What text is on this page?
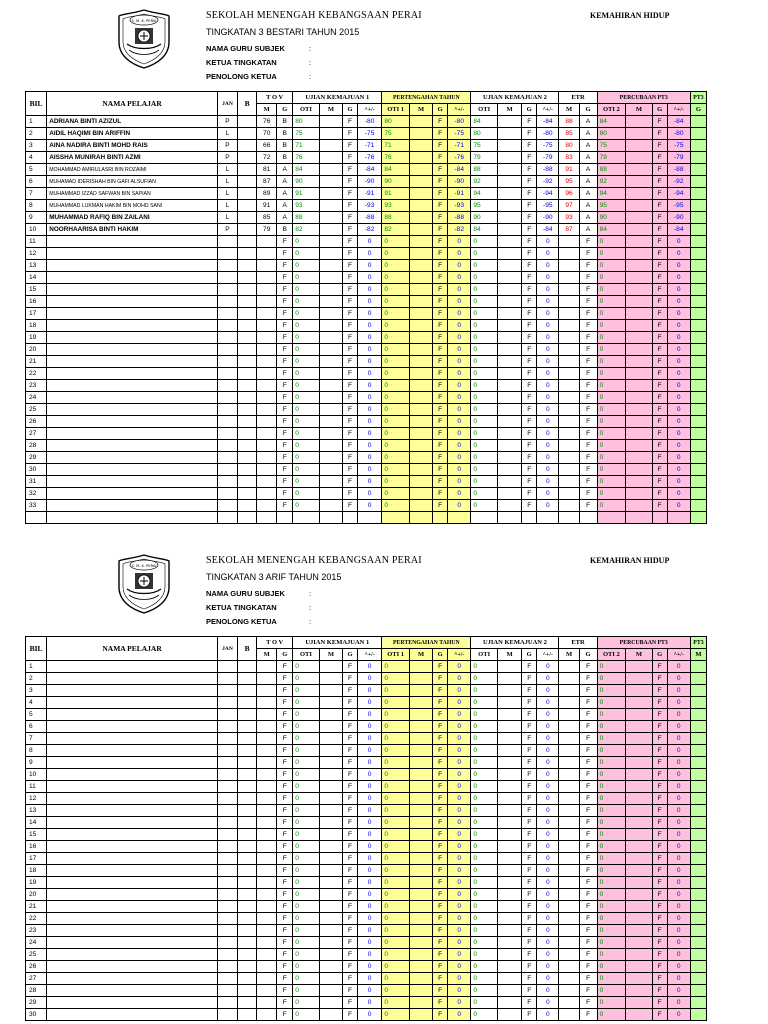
S. M. K. PERAI	SEKOLAH MENENGAH KEBANGSAAN PERAI	KEMAHIRAN HIDUP
TINGKATAN 3 BESTARI TAHUN 2015
NAMA GURU SUBJEK	:
KETUA TINGKATAN	:
PENOLONG KETUA	:
BIL	NAMA PELAJAR	JAN	B	T O V		UJIAN KEMAJUAN 1				PERTENGAHAN TAHUN				UJIAN KEMAJUAN 2				ETR		PERCUBAAN PT3				PT3
				M	G	OTI	M	G	^+/-	OTI 1	M	G	^+/-	OTI	M	G	^+/-	M	G	OTI 2	M	G	^+/-	G
1	ADRIANA BINTI AZIZUL	P		76	B	80		F	-80	80		F	-80	84		F	-84	88	A	84		F	-84	
2	AIDIL HAQIMI BIN ARIFFIN	L		70	B	75		F	-75	75		F	-75	80		F	-80	85	A	80		F	-80	
3	AINA NADIRA BINTI MOHD RAIS	P		66	B	71		F	-71	71		F	-71	75		F	-75	80	A	75		F	-75	
4	AISSHA MUNIRAH BINTI AZMI	P		72	B	76		F	-76	76		F	-76	79		F	-79	83	A	79		F	-79	
5	MOHAMMAD AMIRULASRI BIN ROZAIMI	L		81	A	84		F	-84	84		F	-84	88		F	-88	91	A	88		F	-88	
6	MUHAMAD IDERISHAH BIN GAFI ALSUFIAN	L		87	A	90		F	-90	90		F	-90	92		F	-92	95	A	92		F	-92	
7	MUHAMMAD IZZAD SAFWAN BIN SAPIAN	L		89	A	91		F	-91	91		F	-91	94		F	-94	96	A	94		F	-94	
8	MUHAMMAD LUKMAN HAKIM BIN MOHD SANI	L		91	A	93		F	-93	93		F	-93	95		F	-95	97	A	95		F	-95	
9	MUHAMMAD RAFIQ BIN ZAILANI	L		85	A	88		F	-88	88		F	-88	90		F	-90	93	A	90		F	-90	
10	NOORHAARISA BINTI HAKIM	P		79	B	82		F	-82	82		F	-82	84		F	-84	87	A	84		F	-84	
11					F	0		F	0	0		F	0	0		F	0		F	0		F	0	
12					F	0		F	0	0		F	0	0		F	0		F	0		F	0	
13					F	0		F	0	0		F	0	0		F	0		F	0		F	0	
14					F	0		F	0	0		F	0	0		F	0		F	0		F	0	
15					F	0		F	0	0		F	0	0		F	0		F	0		F	0	
16					F	0		F	0	0		F	0	0		F	0		F	0		F	0	
17					F	0		F	0	0		F	0	0		F	0		F	0		F	0	
18					F	0		F	0	0		F	0	0		F	0		F	0		F	0	
19					F	0		F	0	0		F	0	0		F	0		F	0		F	0	
20					F	0		F	0	0		F	0	0		F	0		F	0		F	0	
21					F	0		F	0	0		F	0	0		F	0		F	0		F	0	
22					F	0		F	0	0		F	0	0		F	0		F	0		F	0	
23					F	0		F	0	0		F	0	0		F	0		F	0		F	0	
24					F	0		F	0	0		F	0	0		F	0		F	0		F	0	
25					F	0		F	0	0		F	0	0		F	0		F	0		F	0	
26					F	0		F	0	0		F	0	0		F	0		F	0		F	0	
27					F	0		F	0	0		F	0	0		F	0		F	0		F	0	
28					F	0		F	0	0		F	0	0		F	0		F	0		F	0	
29					F	0		F	0	0		F	0	0		F	0		F	0		F	0	
30					F	0		F	0	0		F	0	0		F	0		F	0		F	0	
31					F	0		F	0	0		F	0	0		F	0		F	0		F	0	
32					F	0		F	0	0		F	0	0		F	0		F	0		F	0	
33					F	0		F	0	0		F	0	0		F	0		F	0		F	0	

S. M. K. PERAI	SEKOLAH MENENGAH KEBANGSAAN PERAI	KEMAHIRAN HIDUP
TINGKATAN 3 ARIF TAHUN 2015
NAMA GURU SUBJEK	:
KETUA TINGKATAN	:
PENOLONG KETUA	:
BIL	NAMA PELAJAR	JAN	B	T O V		UJIAN KEMAJUAN 1				PERTENGAHAN TAHUN				UJIAN KEMAJUAN 2				ETR		PERCUBAAN PT3				PT3
				M	G	OTI	M	G	^+/-	OTI 1	M	G	^+/-	OTI	M	G	^+/-	M	G	OTI 2	M	G	^+/-	M
1					F	0		F	0	0		F	0	0		F	0		F	0		F	0	
2					F	0		F	0	0		F	0	0		F	0		F	0		F	0	
3					F	0		F	0	0		F	0	0		F	0		F	0		F	0	
4					F	0		F	0	0		F	0	0		F	0		F	0		F	0	
5					F	0		F	0	0		F	0	0		F	0		F	0		F	0	
6					F	0		F	0	0		F	0	0		F	0		F	0		F	0	
7					F	0		F	0	0		F	0	0		F	0		F	0		F	0	
8					F	0		F	0	0		F	0	0		F	0		F	0		F	0	
9					F	0		F	0	0		F	0	0		F	0		F	0		F	0	
10					F	0		F	0	0		F	0	0		F	0		F	0		F	0	
11					F	0		F	0	0		F	0	0		F	0		F	0		F	0	
12					F	0		F	0	0		F	0	0		F	0		F	0		F	0	
13					F	0		F	0	0		F	0	0		F	0		F	0		F	0	
14					F	0		F	0	0		F	0	0		F	0		F	0		F	0	
15					F	0		F	0	0		F	0	0		F	0		F	0		F	0	
16					F	0		F	0	0		F	0	0		F	0		F	0		F	0	
17					F	0		F	0	0		F	0	0		F	0		F	0		F	0	
18					F	0		F	0	0		F	0	0		F	0		F	0		F	0	
19					F	0		F	0	0		F	0	0		F	0		F	0		F	0	
20					F	0		F	0	0		F	0	0		F	0		F	0		F	0	
21					F	0		F	0	0		F	0	0		F	0		F	0		F	0	
22					F	0		F	0	0		F	0	0		F	0		F	0		F	0	
23					F	0		F	0	0		F	0	0		F	0		F	0		F	0	
24					F	0		F	0	0		F	0	0		F	0		F	0		F	0	
25					F	0		F	0	0		F	0	0		F	0		F	0		F	0	
26					F	0		F	0	0		F	0	0		F	0		F	0		F	0	
27					F	0		F	0	0		F	0	0		F	0		F	0		F	0	
28					F	0		F	0	0		F	0	0		F	0		F	0		F	0	
29					F	0		F	0	0		F	0	0		F	0		F	0		F	0	
30					F	0		F	0	0		F	0	0		F	0		F	0		F	0	
